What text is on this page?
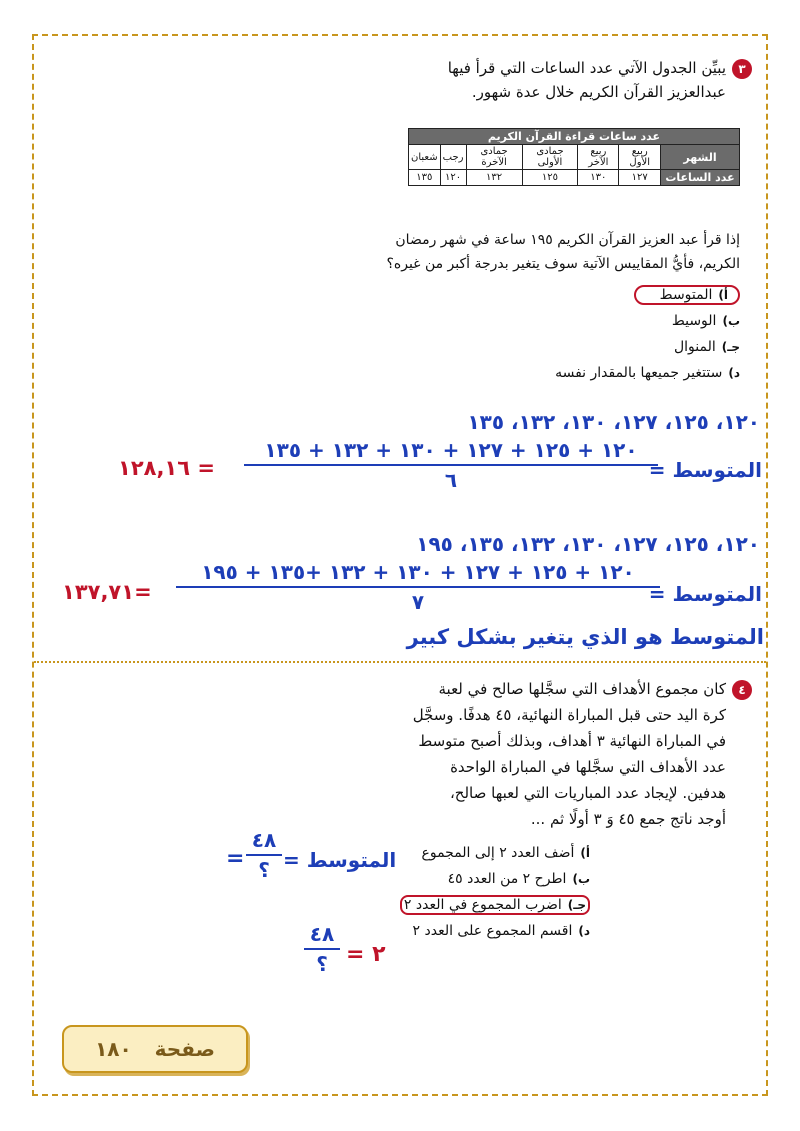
٣يبيِّن الجدول الآتي عدد الساعات التي قرأ فيها
عبدالعزيز القرآن الكريم خلال عدة شهور.
عدد ساعات قراءة القرآن الكريم						
الشهر	ربيع الأول	ربيع الآخر	جمادى الأولى	جمادى الآخرة	رجب	شعبان
عدد الساعات	١٢٧	١٣٠	١٢٥	١٣٢	١٢٠	١٣٥
إذا قرأ عبد العزيز القرآن الكريم ١٩٥ ساعة في شهر رمضان
الكريم، فأيُّ المقاييس الآتية سوف يتغير بدرجة أكبر من غيره؟
أ)المتوسط
ب)الوسيط
جـ)المنوال
د)ستتغير جميعها بالمقدار نفسه
١٢٠، ١٢٥، ١٢٧، ١٣٠، ١٣٢، ١٣٥
المتوسط =
١٢٠ + ١٢٥ + ١٢٧ + ١٣٠ + ١٣٢ + ١٣٥
٦
= ١٢٨,١٦
١٢٠، ١٢٥، ١٢٧، ١٣٠، ١٣٢، ١٣٥، ١٩٥
المتوسط =
١٢٠ + ١٢٥ + ١٢٧ + ١٣٠ + ١٣٢ +١٣٥ + ١٩٥
٧
=١٣٧,٧١
المتوسط هو الذي يتغير بشكل كبير
٤كان مجموع الأهداف التي سجَّلها صالح في لعبة
كرة اليد حتى قبل المباراة النهائية، ٤٥ هدفًا. وسجَّل
في المباراة النهائية ٣ أهداف، وبذلك أصبح متوسط
عدد الأهداف التي سجَّلها في المباراة الواحدة
هدفين. لإيجاد عدد المباريات التي لعبها صالح،
أوجد ناتج جمع ٤٥ وَ ٣ أولًا ثم ...
أ)أضف العدد ٢ إلى المجموع
ب)اطرح ٢ من العدد ٤٥
جـ)اضرب المجموع في العدد ٢
د)اقسم المجموع على العدد ٢
المتوسط =
٤٨
؟
=
٤٨
؟ = ٢
صفحة ١٨٠
